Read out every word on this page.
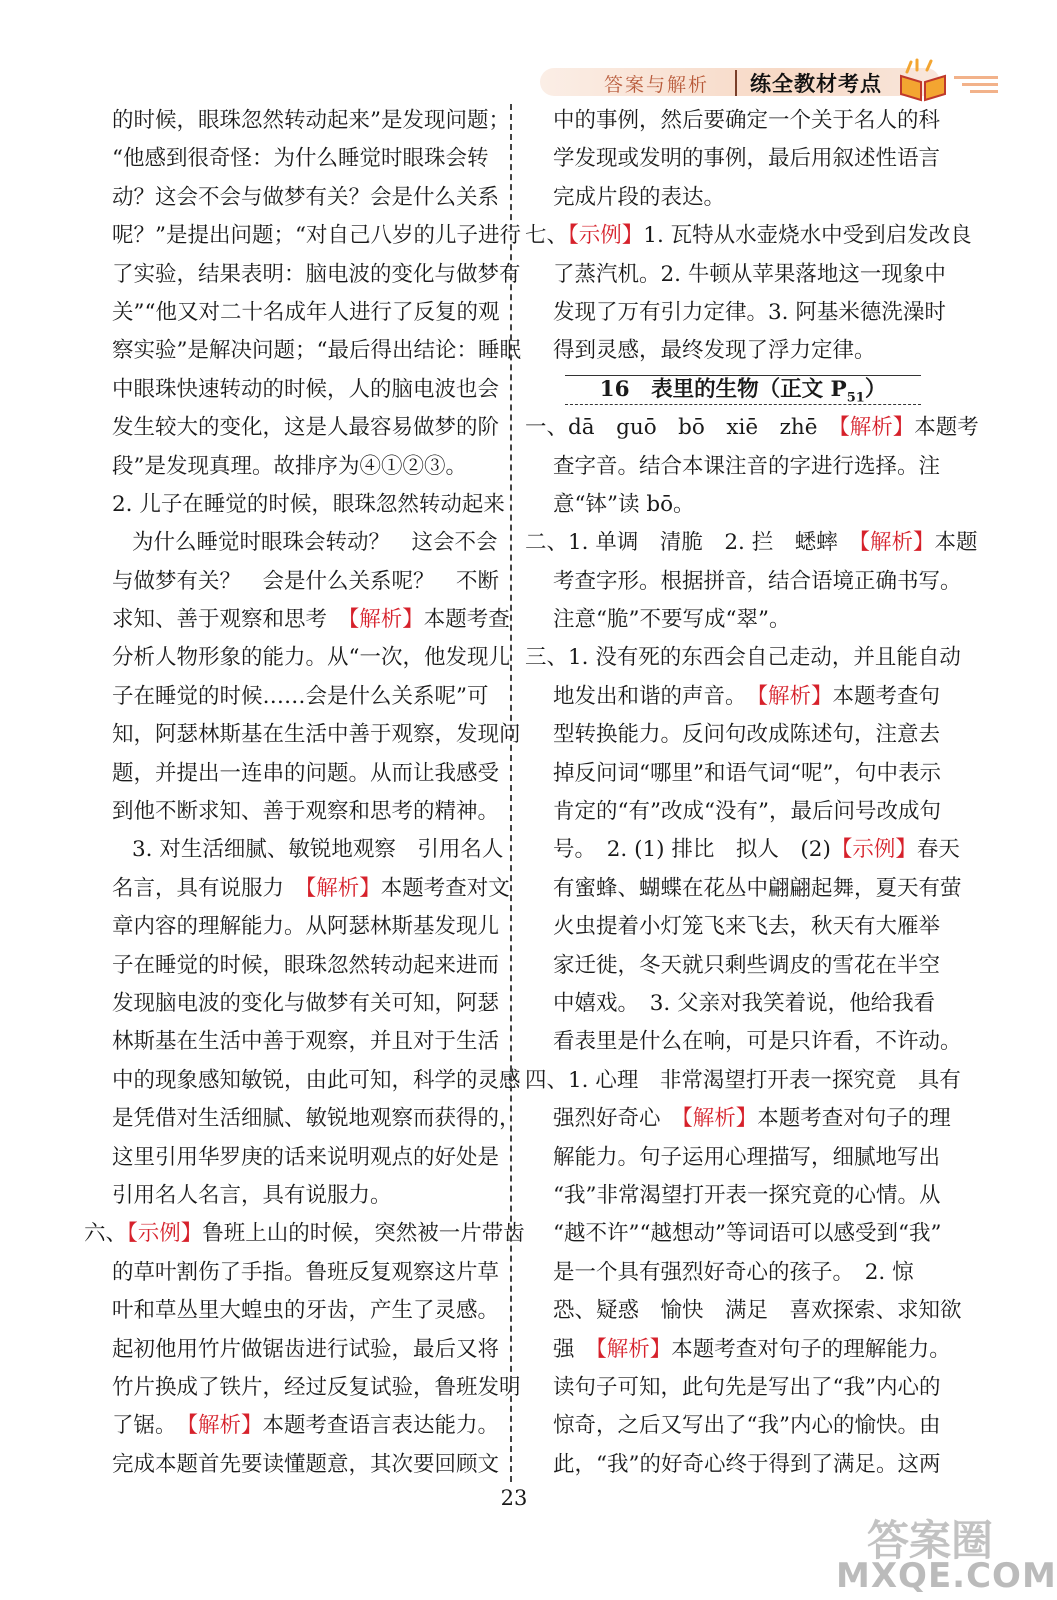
答案与解析 练全教材考点
的时候，眼珠忽然转动起来”是发现问题；
“他感到很奇怪：为什么睡觉时眼珠会转
动？这会不会与做梦有关？会是什么关系
呢？”是提出问题；“对自己八岁的儿子进行
了实验，结果表明：脑电波的变化与做梦有
关”“他又对二十名成年人进行了反复的观
察实验”是解决问题；“最后得出结论：睡眠
中眼珠快速转动的时候，人的脑电波也会
发生较大的变化，这是人最容易做梦的阶
段”是发现真理。故排序为④①②③。
2. 儿子在睡觉的时候，眼珠忽然转动起来
为什么睡觉时眼珠会转动？　这会不会
与做梦有关？　会是什么关系呢？　不断
求知、善于观察和思考　【解析】本题考查
分析人物形象的能力。从“一次，他发现儿
子在睡觉的时候……会是什么关系呢”可
知，阿瑟林斯基在生活中善于观察，发现问
题，并提出一连串的问题。从而让我感受
到他不断求知、善于观察和思考的精神。
3. 对生活细腻、敏锐地观察　引用名人
名言，具有说服力　【解析】本题考查对文
章内容的理解能力。从阿瑟林斯基发现儿
子在睡觉的时候，眼珠忽然转动起来进而
发现脑电波的变化与做梦有关可知，阿瑟
林斯基在生活中善于观察，并且对于生活
中的现象感知敏锐，由此可知，科学的灵感
是凭借对生活细腻、敏锐地观察而获得的，
这里引用华罗庚的话来说明观点的好处是
引用名人名言，具有说服力。
六、【示例】鲁班上山的时候，突然被一片带齿
的草叶割伤了手指。鲁班反复观察这片草
叶和草丛里大蝗虫的牙齿，产生了灵感。
起初他用竹片做锯齿进行试验，最后又将
竹片换成了铁片，经过反复试验，鲁班发明
了锯。　【解析】本题考查语言表达能力。
完成本题首先要读懂题意，其次要回顾文
中的事例，然后要确定一个关于名人的科
学发现或发明的事例，最后用叙述性语言
完成片段的表达。
七、【示例】1. 瓦特从水壶烧水中受到启发改良
了蒸汽机。2. 牛顿从苹果落地这一现象中
发现了万有引力定律。3. 阿基米德洗澡时
得到灵感，最终发现了浮力定律。
16　表里的生物（正文 $P_{51}$）
一、dā　guō　bō　xiē　zhē　【解析】本题考
查字音。结合本课注音的字进行选择。注
意“钵”读 bō。
二、1. 单调　清脆　2. 拦　蟋蟀　【解析】本题
考查字形。根据拼音，结合语境正确书写。
注意“脆”不要写成“翠”。
三、1. 没有死的东西会自己走动，并且能自动
地发出和谐的声音。　【解析】本题考查句
型转换能力。反问句改成陈述句，注意去
掉反问词“哪里”和语气词“呢”，句中表示
肯定的“有”改成“没有”，最后问号改成句
号。　2. (1) 排比　拟人　(2)【示例】春天
有蜜蜂、蝴蝶在花丛中翩翩起舞，夏天有萤
火虫提着小灯笼飞来飞去，秋天有大雁举
家迁徙，冬天就只剩些调皮的雪花在半空
中嬉戏。　3. 父亲对我笑着说，他给我看
看表里是什么在响，可是只许看，不许动。
四、1. 心理　非常渴望打开表一探究竟　具有
强烈好奇心　【解析】本题考查对句子的理
解能力。句子运用心理描写，细腻地写出
“我”非常渴望打开表一探究竟的心情。从
“越不许”“越想动”等词语可以感受到“我”
是一个具有强烈好奇心的孩子。　2. 惊
恐、疑惑　愉快　满足　喜欢探索、求知欲
强　【解析】本题考查对句子的理解能力。
读句子可知，此句先是写出了“我”内心的
惊奇，之后又写出了“我”内心的愉快。由
此，“我”的好奇心终于得到了满足。这两
23
答案圈
MXQE.COM
